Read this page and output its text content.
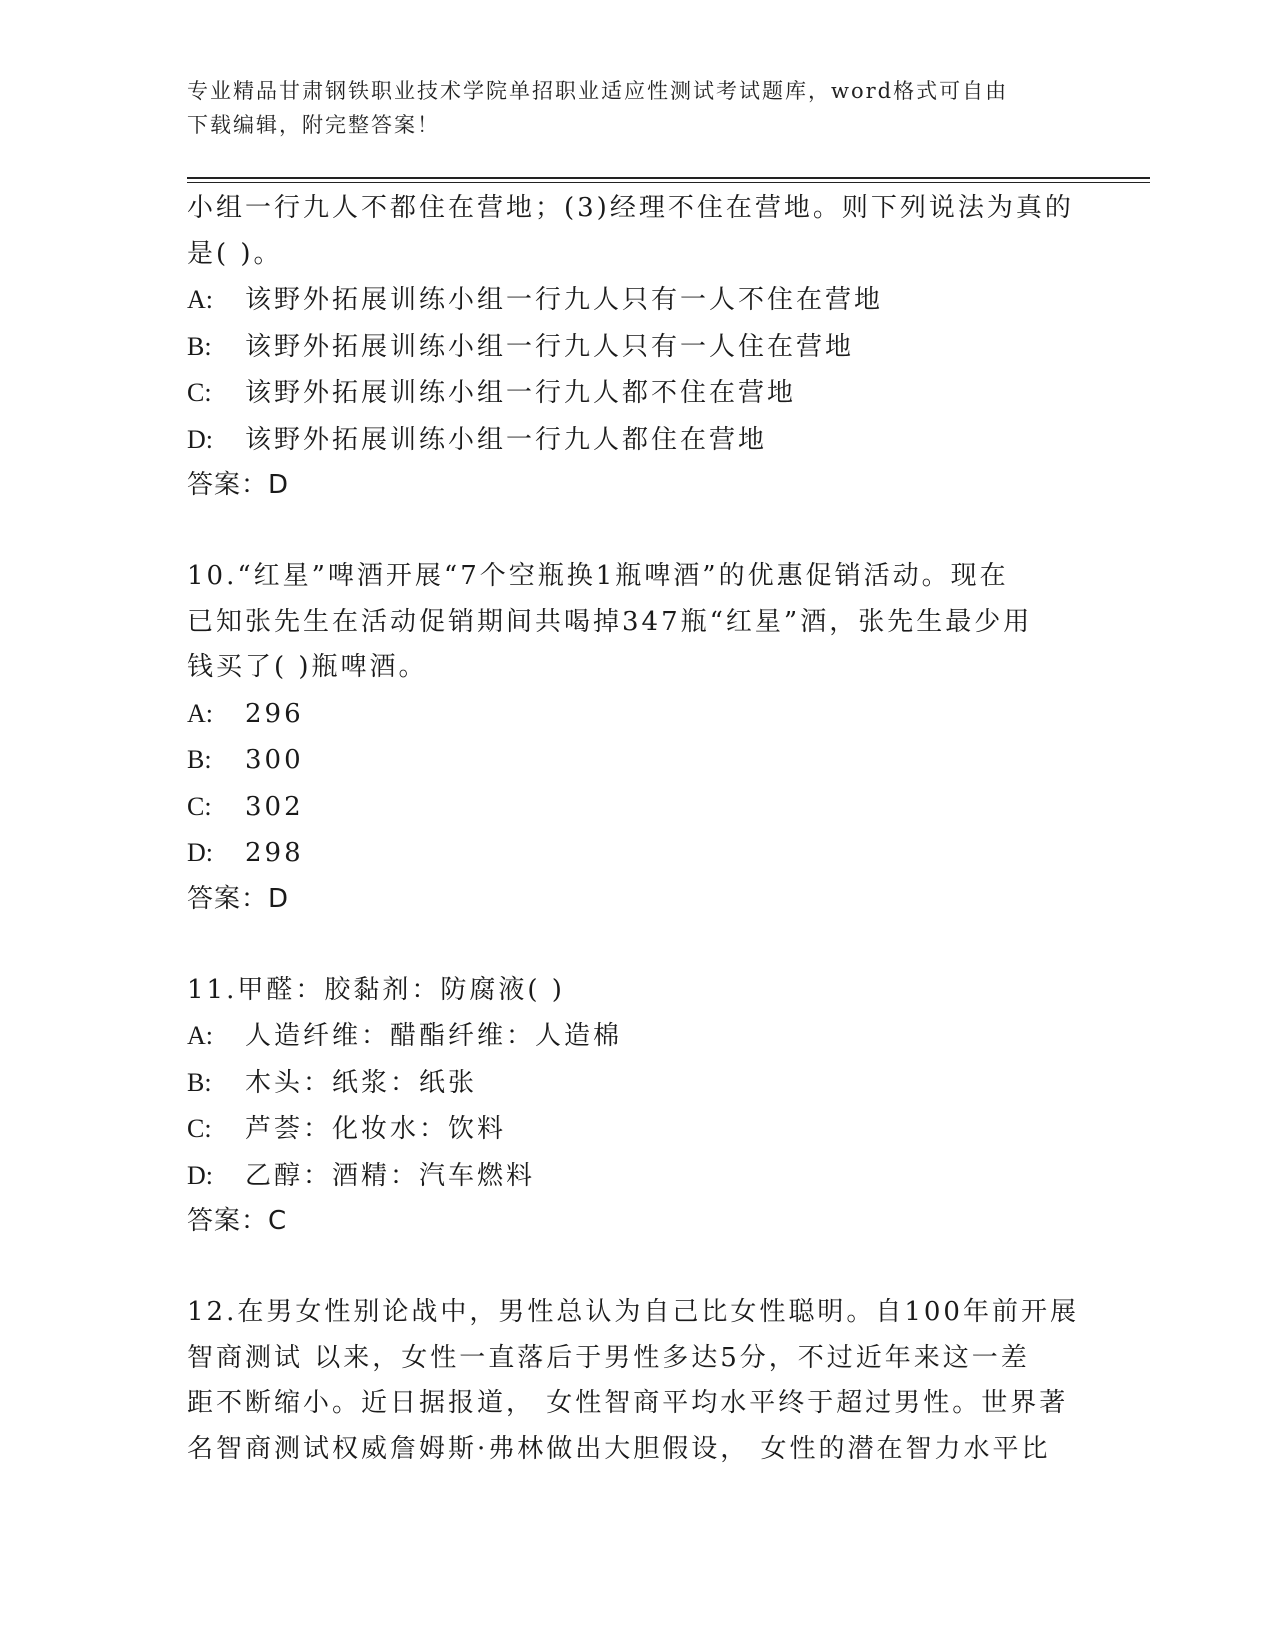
专业精品甘肃钢铁职业技术学院单招职业适应性测试考试题库，word格式可自由
下载编辑，附完整答案！
小组一行九人不都住在营地；(3)经理不住在营地。则下列说法为真的
是( )。
A: 该野外拓展训练小组一行九人只有一人不住在营地
B: 该野外拓展训练小组一行九人只有一人住在营地
C: 该野外拓展训练小组一行九人都不住在营地
D: 该野外拓展训练小组一行九人都住在营地
答案：D
10.“红星”啤酒开展“7个空瓶换1瓶啤酒”的优惠促销活动。现在
已知张先生在活动促销期间共喝掉347瓶“红星”酒，张先生最少用
钱买了( )瓶啤酒。
A: 296
B: 300
C: 302
D: 298
答案：D
11.甲醛：胶黏剂：防腐液( )
A: 人造纤维：醋酯纤维：人造棉
B: 木头：纸浆：纸张
C: 芦荟：化妆水：饮料
D: 乙醇：酒精：汽车燃料
答案：C
12.在男女性别论战中，男性总认为自己比女性聪明。自100年前开展
智商测试 以来，女性一直落后于男性多达5分，不过近年来这一差
距不断缩小。近日据报道， 女性智商平均水平终于超过男性。世界著
名智商测试权威詹姆斯·弗林做出大胆假设， 女性的潜在智力水平比
